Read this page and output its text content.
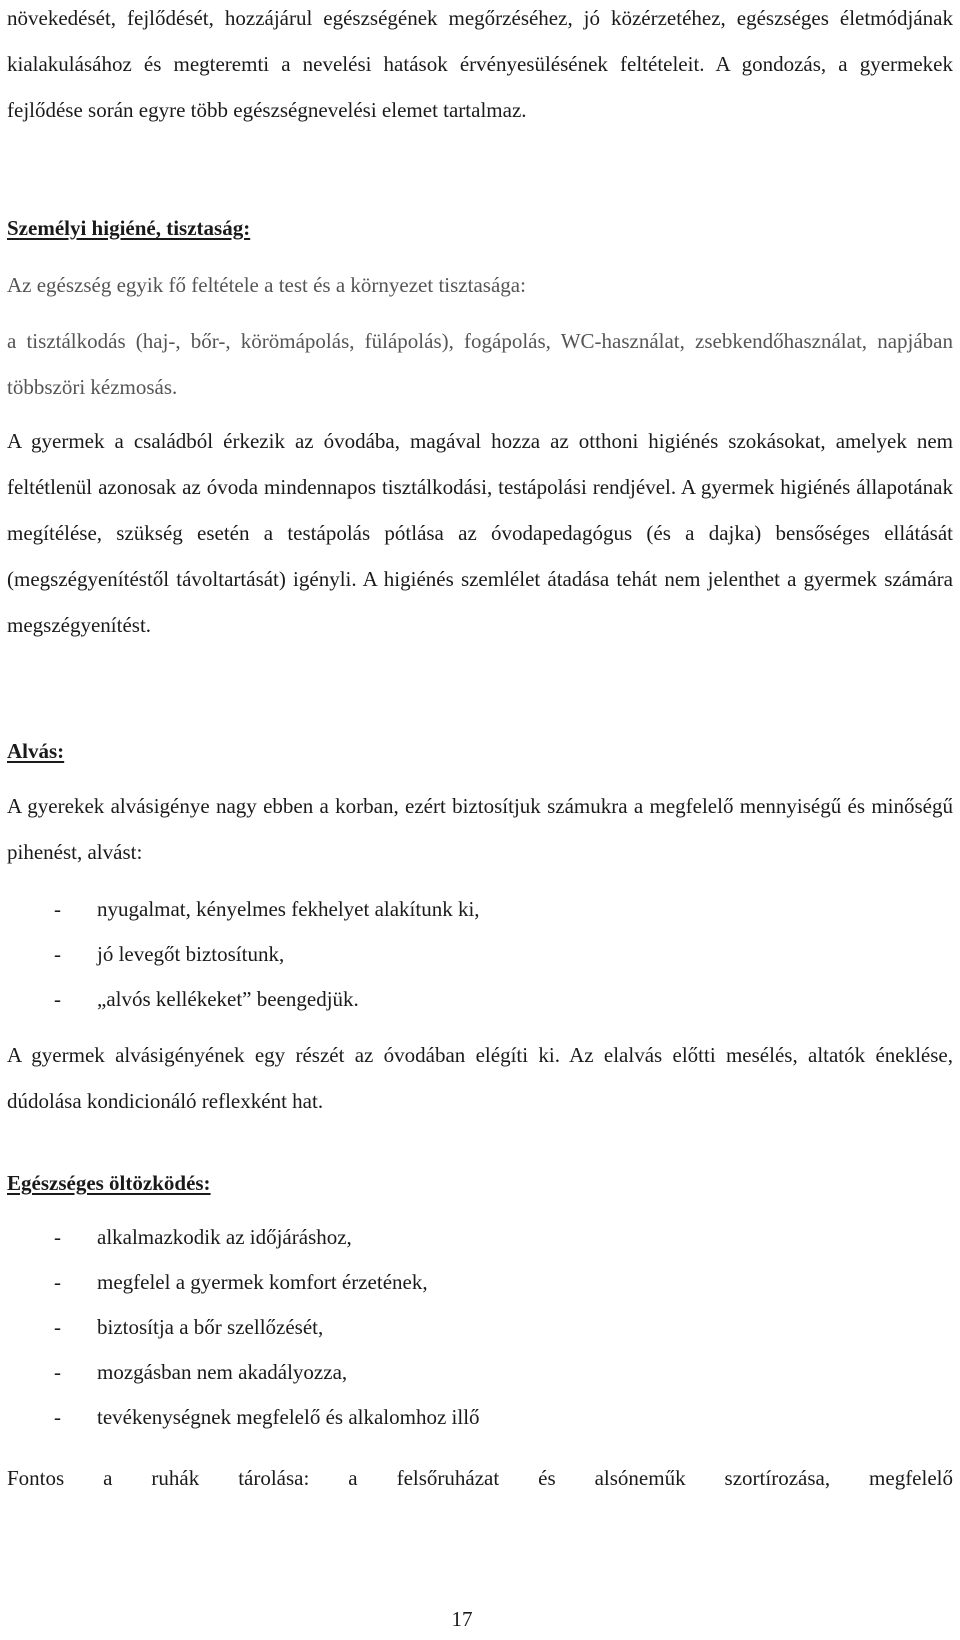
növekedését, fejlődését, hozzájárul egészségének megőrzéséhez, jó közérzetéhez, egészséges életmódjának kialakulásához és megteremti a nevelési hatások érvényesülésének feltételeit. A gondozás, a gyermekek fejlődése során egyre több egészségnevelési elemet tartalmaz.

Személyi higiéné, tisztaság:

Az egészség egyik fő feltétele a test és a környezet tisztasága:

a tisztálkodás (haj-, bőr-, körömápolás, fülápolás), fogápolás, WC-használat, zsebkendőhasználat, napjában többszöri kézmosás.

A gyermek a családból érkezik az óvodába, magával hozza az otthoni higiénés szokásokat, amelyek nem feltétlenül azonosak az óvoda mindennapos tisztálkodási, testápolási rendjével. A gyermek higiénés állapotának megítélése, szükség esetén a testápolás pótlása az óvodapedagógus (és a dajka) bensőséges ellátását (megszégyenítéstől távoltartását) igényli. A higiénés szemlélet átadása tehát nem jelenthet a gyermek számára megszégyenítést.

Alvás:

A gyerekek alvásigénye nagy ebben a korban, ezért biztosítjuk számukra a megfelelő mennyiségű és minőségű pihenést, alvást:

- nyugalmat, kényelmes fekhelyet alakítunk ki,
- jó levegőt biztosítunk,
- „alvós kellékeket” beengedjük.

A gyermek alvásigényének egy részét az óvodában elégíti ki. Az elalvás előtti mesélés, altatók éneklése, dúdolása kondicionáló reflexként hat.

Egészséges öltözködés:
- alkalmazkodik az időjáráshoz,
- megfelel a gyermek komfort érzetének,
- biztosítja a bőr szellőzését,
- mozgásban nem akadályozza,
- tevékenységnek megfelelő és alkalomhoz illő

Fontos a ruhák tárolása: a felsőruházat és alsóneműk szortírozása, megfelelő

17
